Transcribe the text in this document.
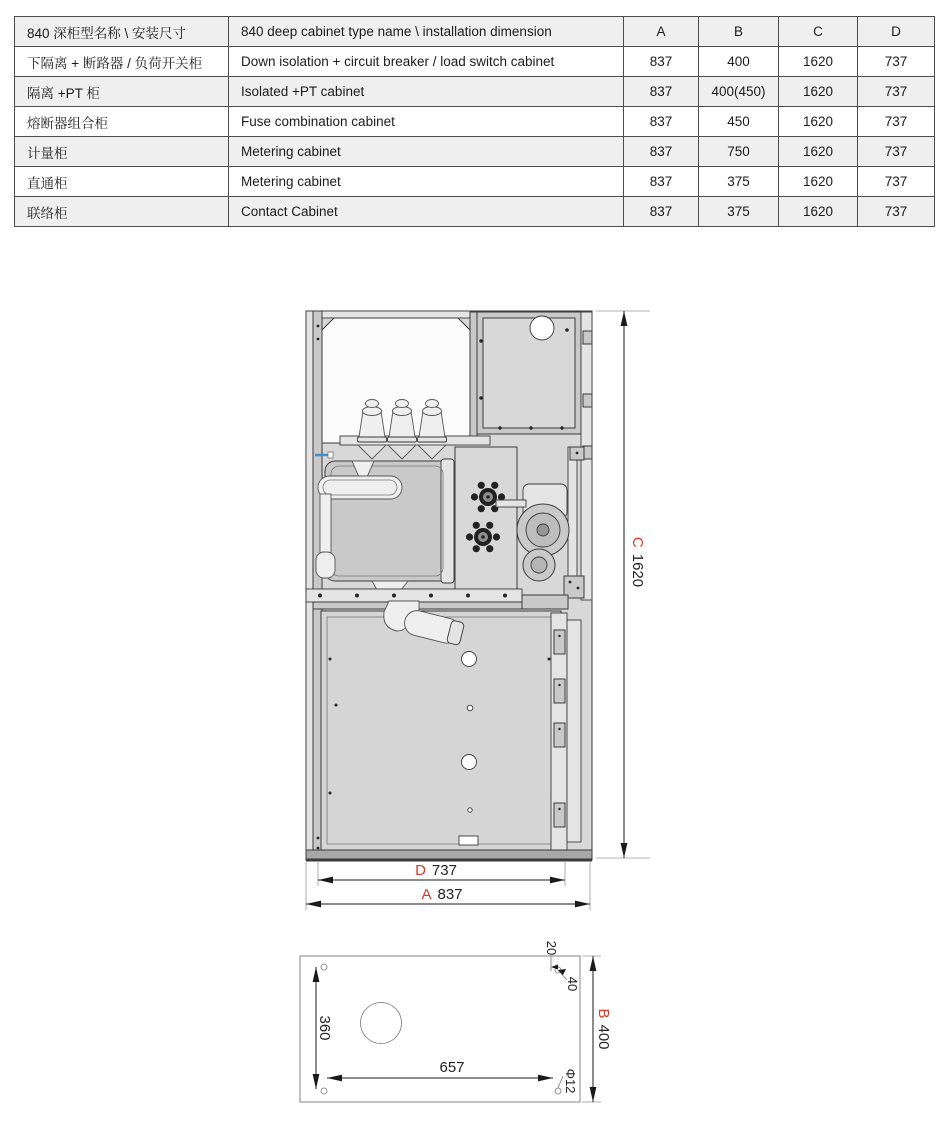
840 深柜型名称 \ 安装尺寸	840 deep cabinet type name \ installation dimension	A	B	C	D
下隔离 + 断路器 / 负荷开关柜	Down isolation + circuit breaker / load switch cabinet	837	400	1620	737
隔离 +PT 柜	Isolated +PT cabinet	837	400(450)	1620	737
熔断器组合柜	Fuse combination cabinet	837	450	1620	737
计量柜	Metering cabinet	837	750	1620	737
直通柜	Metering cabinet	837	375	1620	737
联络柜	Contact Cabinet	837	375	1620	737
C1620
D 737
A 837
360
657
B400
20
40
Φ12
